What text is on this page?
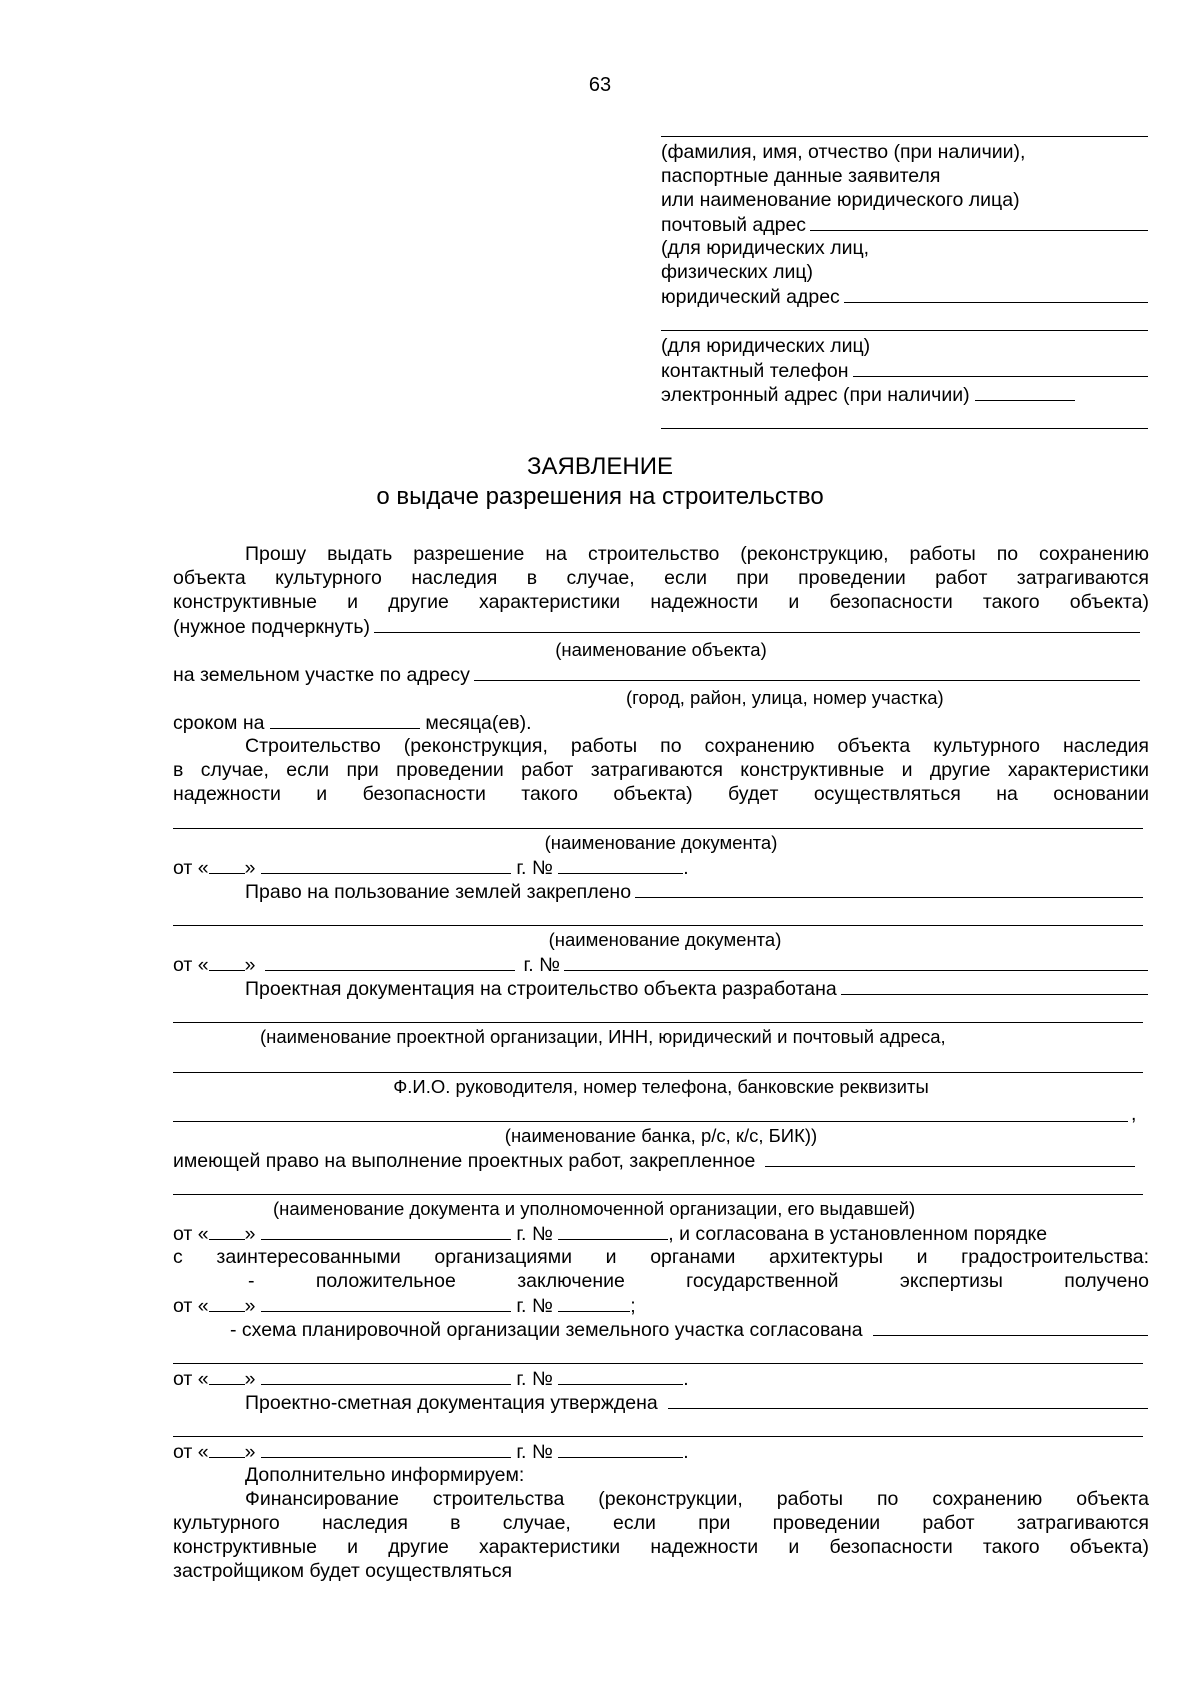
63
(фамилия, имя, отчество (при наличии),
паспортные данные заявителя
или наименование юридического лица)
почтовый адрес
(для юридических лиц,
физических лиц)
юридический адрес
(для юридических лиц)
контактный телефон
электронный адрес (при наличии)
ЗАЯВЛЕНИЕ
о выдаче разрешения на строительство
Прошу выдать разрешение на строительство (реконструкцию, работы по сохранению
объекта культурного наследия в случае, если при проведении работ затрагиваются
конструктивные и другие характеристики надежности и безопасности такого объекта)
(нужное подчеркнуть)
(наименование объекта)
на земельном участке по адресу
(город, район, улица, номер участка)
сроком на	месяца(ев).
Строительство (реконструкция, работы по сохранению объекта культурного наследия
в случае, если при проведении работ затрагиваются конструктивные и другие характеристики
надежности и безопасности такого объекта) будет осуществляться на основании
(наименование документа)
от « »	г. №	.
Право на пользование землей закреплено
(наименование документа)
от « »	г. №
Проектная документация на строительство объекта разработана
(наименование проектной организации, ИНН, юридический и почтовый адреса,
Ф.И.О. руководителя, номер телефона, банковские реквизиты
,
(наименование банка, р/с, к/с, БИК))
имеющей право на выполнение проектных работ, закрепленное
(наименование документа и уполномоченной организации, его выдавшей)
от « »	г. №	, и согласована в установленном порядке
с заинтересованными организациями и органами архитектуры и градостроительства:
- положительное заключение государственной экспертизы получено
от « »	г. №	;
- схема планировочной организации земельного участка согласована
от « »	г. №	.
Проектно-сметная документация утверждена
от « »	г. №	.
Дополнительно информируем:
Финансирование строительства (реконструкции, работы по сохранению объекта
культурного наследия в случае, если при проведении работ затрагиваются
конструктивные и другие характеристики надежности и безопасности такого объекта)
застройщиком будет осуществляться
